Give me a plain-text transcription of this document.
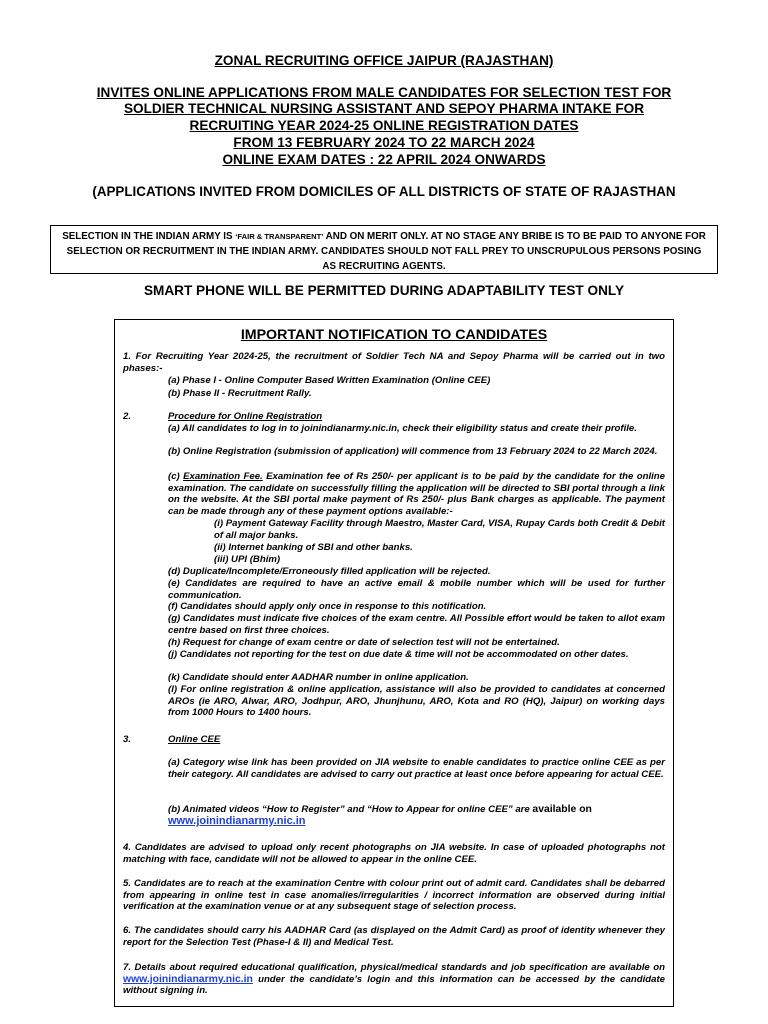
ZONAL RECRUITING OFFICE JAIPUR (RAJASTHAN)
INVITES ONLINE APPLICATIONS FROM MALE CANDIDATES FOR SELECTION TEST FOR
SOLDIER TECHNICAL NURSING ASSISTANT AND SEPOY PHARMA INTAKE FOR
RECRUITING YEAR 2024-25 ONLINE REGISTRATION DATES
FROM 13 FEBRUARY 2024 TO 22 MARCH 2024
ONLINE EXAM DATES : 22 APRIL 2024 ONWARDS
(APPLICATIONS INVITED FROM DOMICILES OF ALL DISTRICTS OF STATE OF RAJASTHAN
SELECTION IN THE INDIAN ARMY IS ‘FAIR & TRANSPARENT’ AND ON MERIT ONLY. AT NO STAGE ANY BRIBE IS TO BE PAID TO ANYONE FOR SELECTION OR RECRUITMENT IN THE INDIAN ARMY. CANDIDATES SHOULD NOT FALL PREY TO UNSCRUPULOUS PERSONS POSING AS RECRUITING AGENTS.
SMART PHONE WILL BE PERMITTED DURING ADAPTABILITY TEST ONLY
IMPORTANT NOTIFICATION TO CANDIDATES
1. For Recruiting Year 2024-25, the recruitment of Soldier Tech NA and Sepoy Pharma will be carried out in two phases:-
(a) Phase I - Online Computer Based Written Examination (Online CEE)
(b) Phase II - Recruitment Rally.
2.	Procedure for Online Registration
(a) All candidates to log in to joinindianarmy.nic.in, check their eligibility status and create their profile.
(b) Online Registration (submission of application) will commence from 13 February 2024 to 22 March 2024.
(c) Examination Fee. Examination fee of Rs 250/- per applicant is to be paid by the candidate for the online examination. The candidate on successfully filling the application will be directed to SBI portal through a link on the website. At the SBI portal make payment of Rs 250/- plus Bank charges as applicable. The payment can be made through any of these payment options available:-
(i) Payment Gateway Facility through Maestro, Master Card, VISA, Rupay Cards both Credit & Debit of all major banks.
(ii) Internet banking of SBI and other banks.
(iii) UPI (Bhim)
(d) Duplicate/Incomplete/Erroneously filled application will be rejected.
(e) Candidates are required to have an active email & mobile number which will be used for further communication.
(f) Candidates should apply only once in response to this notification.
(g) Candidates must indicate five choices of the exam centre. All Possible effort would be taken to allot exam centre based on first three choices.
(h) Request for change of exam centre or date of selection test will not be entertained.
(j) Candidates not reporting for the test on due date & time will not be accommodated on other dates.
(k) Candidate should enter AADHAR number in online application.
(l) For online registration & online application, assistance will also be provided to candidates at concerned AROs (ie ARO, Alwar, ARO, Jodhpur, ARO, Jhunjhunu, ARO, Kota and RO (HQ), Jaipur) on working days from 1000 Hours to 1400 hours.
3.	Online CEE
(a) Category wise link has been provided on JIA website to enable candidates to practice online CEE as per their category. All candidates are advised to carry out practice at least once before appearing for actual CEE.
(b) Animated videos “How to Register” and “How to Appear for online CEE” are available on
www.joinindianarmy.nic.in
4. Candidates are advised to upload only recent photographs on JIA website. In case of uploaded photographs not matching with face, candidate will not be allowed to appear in the online CEE.
5. Candidates are to reach at the examination Centre with colour print out of admit card. Candidates shall be debarred from appearing in online test in case anomalies/irregularities / incorrect information are observed during initial verification at the examination venue or at any subsequent stage of selection process.
6. The candidates should carry his AADHAR Card (as displayed on the Admit Card) as proof of identity whenever they report for the Selection Test (Phase-I & II) and Medical Test.
7. Details about required educational qualification, physical/medical standards and job specification are available on www.joinindianarmy.nic.in under the candidate’s login and this information can be accessed by the candidate without signing in.
